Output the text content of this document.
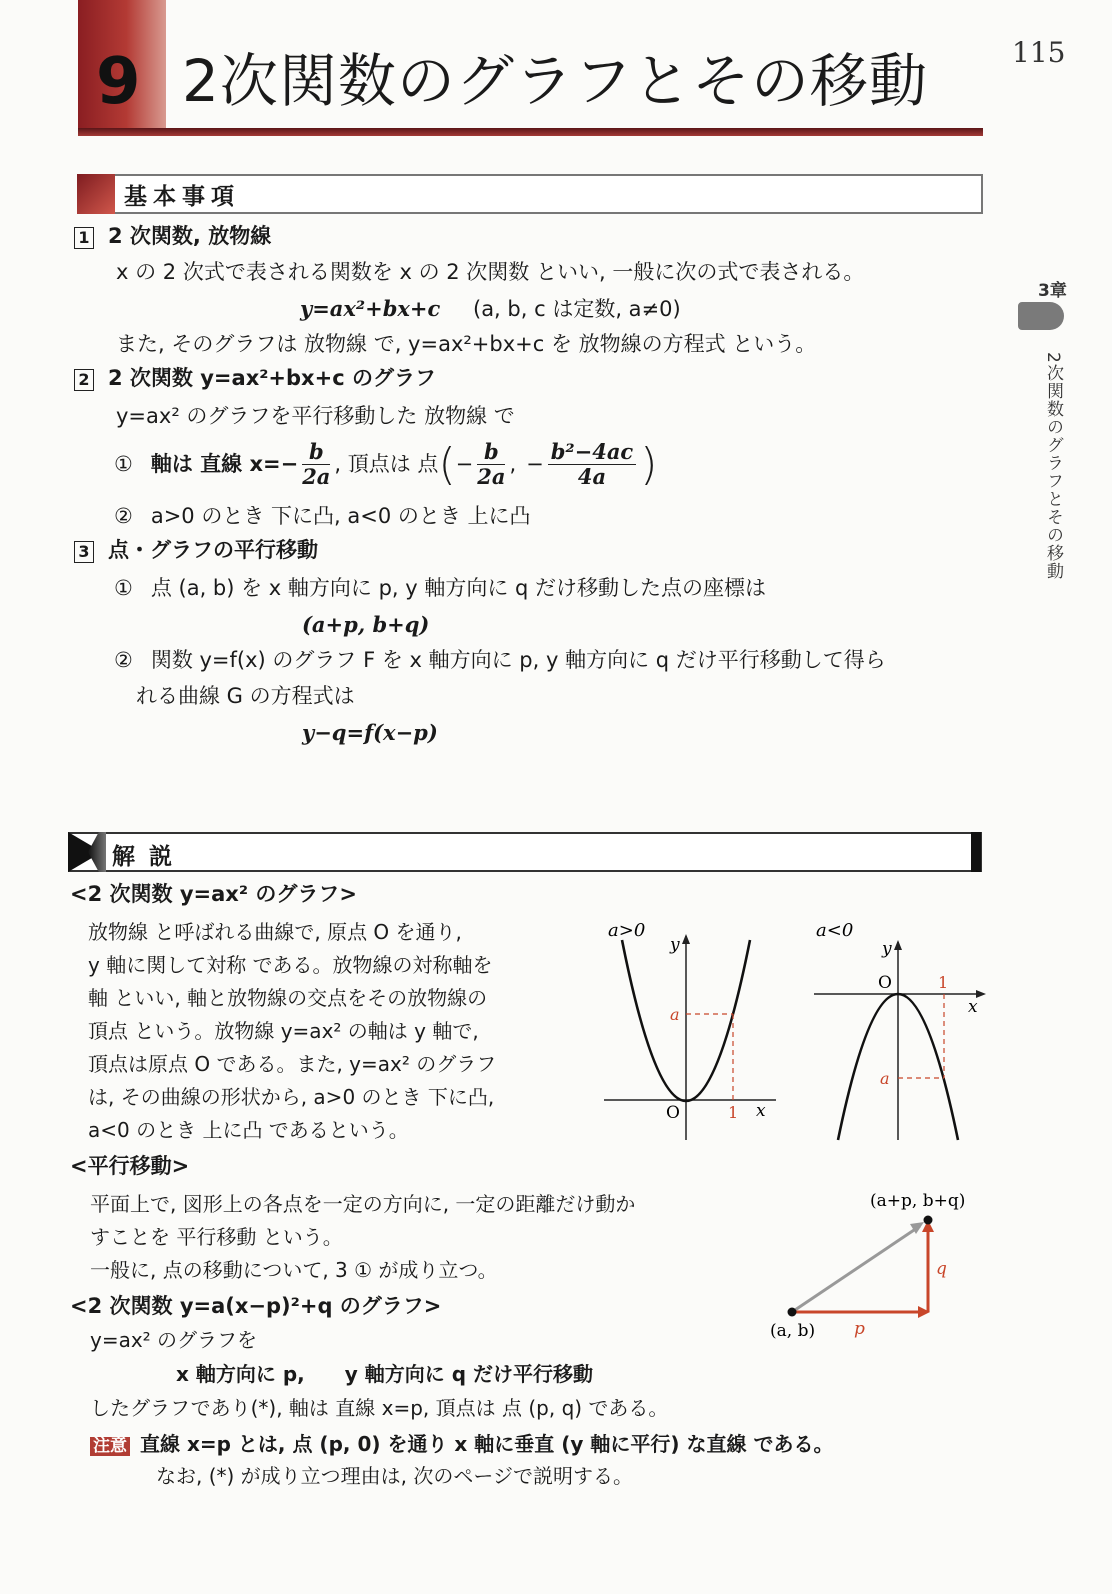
9 2次関数のグラフとその移動	115
3章
2次関数のグラフとその移動
基本事項
1 2 次関数, 放物線
x の 2 次式で表される関数を x の 2 次関数 といい, 一般に次の式で表される。
y=ax²+bx+c (a, b, c は定数, a≠0)
また, そのグラフは 放物線 で, y=ax²+bx+c を 放物線の方程式 という。
2 2 次関数 y=ax²+bx+c のグラフ
y=ax² のグラフを平行移動した 放物線 で
① 軸は 直線 $x=- \frac{b}{2a}$ , 頂点は 点 ( − $\frac{b}{2a}$ , − $\frac{\text{b²−4ac}}{4a}$ )
② a>0 のとき 下に凸, a<0 のとき 上に凸
3 点・グラフの平行移動
① 点 (a, b) を x 軸方向に p, y 軸方向に q だけ移動した点の座標は
(a+p, b+q)
② 関数 y=f(x) のグラフ F を x 軸方向に p, y 軸方向に q だけ平行移動して得ら
れる曲線 G の方程式は
y−q=f(x−p)
解説
<2 次関数 y=ax² のグラフ>
放物線 と呼ばれる曲線で, 原点 O を通り,
y 軸に関して対称 である。放物線の対称軸を
軸 といい, 軸と放物線の交点をその放物線の
頂点 という。放物線 y=ax² の軸は y 軸で,
頂点は原点 O である。また, y=ax² のグラフ
は, その曲線の形状から, a>0 のとき 下に凸,
a<0 のとき 上に凸 であるという。
a>0
y
x
O
a
1
a<0
y
x
O
a
1
<平行移動>
平面上で, 図形上の各点を一定の方向に, 一定の距離だけ動か
すことを 平行移動 という。
一般に, 点の移動について, 3 ① が成り立つ。
(a+p, b+q)
(a, b) p
q
<2 次関数 y=a(x−p)²+q のグラフ>
y=ax² のグラフを
x 軸方向に p,　　y 軸方向に q だけ平行移動
したグラフであり(*), 軸は 直線 x=p, 頂点は 点 (p, q) である。
注意 直線 x=p とは, 点 (p, 0) を通り x 軸に垂直 (y 軸に平行) な直線 である。
なお, (*) が成り立つ理由は, 次のページで説明する。
